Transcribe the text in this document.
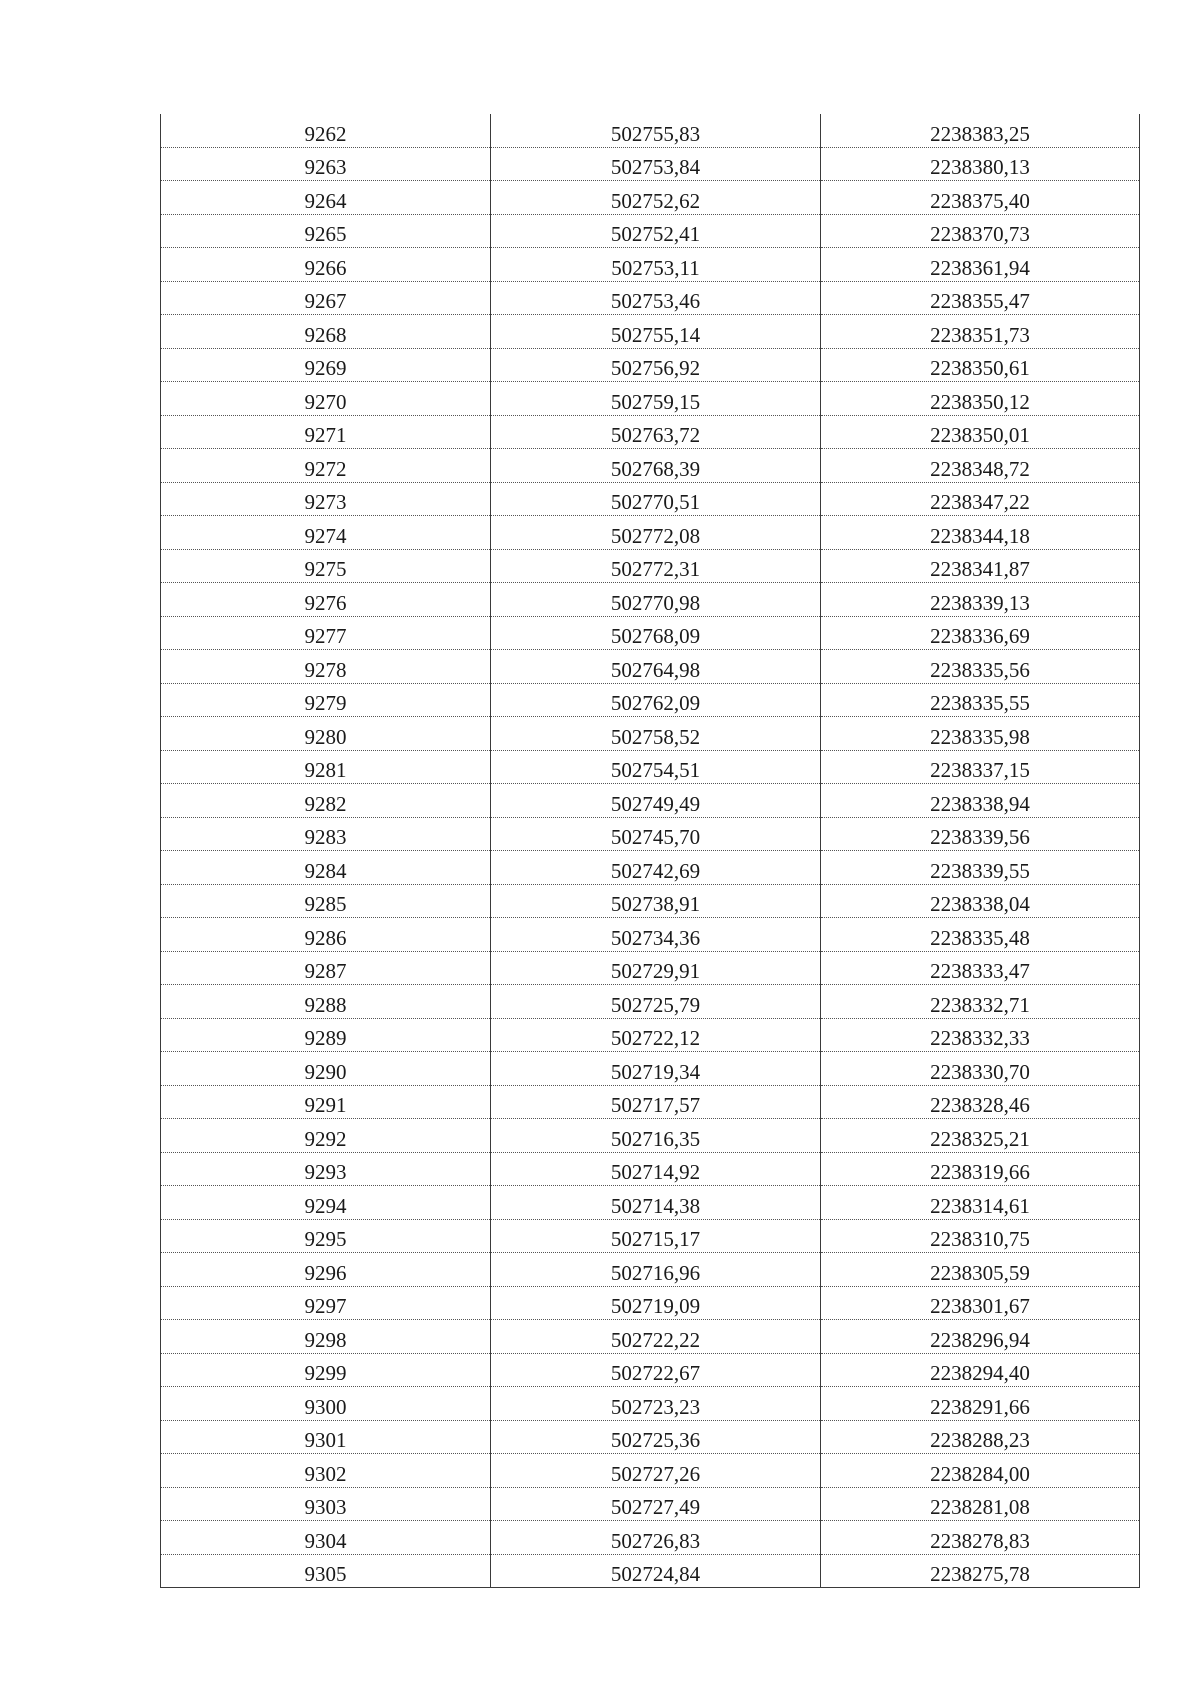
9262	502755,83	2238383,25
9263	502753,84	2238380,13
9264	502752,62	2238375,40
9265	502752,41	2238370,73
9266	502753,11	2238361,94
9267	502753,46	2238355,47
9268	502755,14	2238351,73
9269	502756,92	2238350,61
9270	502759,15	2238350,12
9271	502763,72	2238350,01
9272	502768,39	2238348,72
9273	502770,51	2238347,22
9274	502772,08	2238344,18
9275	502772,31	2238341,87
9276	502770,98	2238339,13
9277	502768,09	2238336,69
9278	502764,98	2238335,56
9279	502762,09	2238335,55
9280	502758,52	2238335,98
9281	502754,51	2238337,15
9282	502749,49	2238338,94
9283	502745,70	2238339,56
9284	502742,69	2238339,55
9285	502738,91	2238338,04
9286	502734,36	2238335,48
9287	502729,91	2238333,47
9288	502725,79	2238332,71
9289	502722,12	2238332,33
9290	502719,34	2238330,70
9291	502717,57	2238328,46
9292	502716,35	2238325,21
9293	502714,92	2238319,66
9294	502714,38	2238314,61
9295	502715,17	2238310,75
9296	502716,96	2238305,59
9297	502719,09	2238301,67
9298	502722,22	2238296,94
9299	502722,67	2238294,40
9300	502723,23	2238291,66
9301	502725,36	2238288,23
9302	502727,26	2238284,00
9303	502727,49	2238281,08
9304	502726,83	2238278,83
9305	502724,84	2238275,78
